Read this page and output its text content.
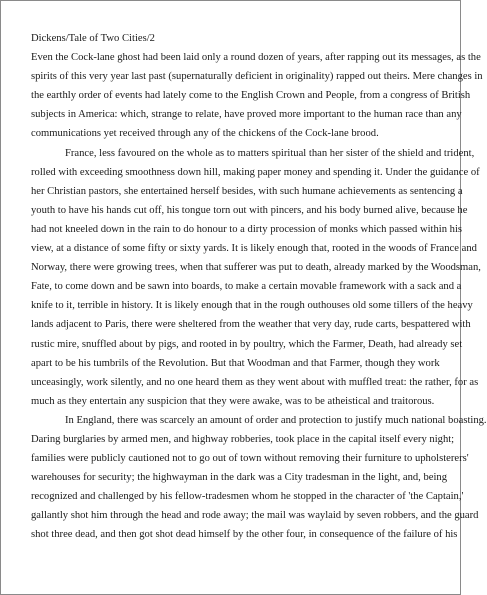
Dickens/Tale of Two Cities/2
Even the Cock-lane ghost had been laid only a round dozen of years, after rapping out its messages, as the
spirits of this very year last past (supernaturally deficient in originality) rapped out theirs. Mere changes in
the earthly order of events had lately come to the English Crown and People, from a congress of British
subjects in America: which, strange to relate, have proved more important to the human race than any
communications yet received through any of the chickens of the Cock-lane brood.
France, less favoured on the whole as to matters spiritual than her sister of the shield and trident,
rolled with exceeding smoothness down hill, making paper money and spending it. Under the guidance of
her Christian pastors, she entertained herself besides, with such humane achievements as sentencing a
youth to have his hands cut off, his tongue torn out with pincers, and his body burned alive, because he
had not kneeled down in the rain to do honour to a dirty procession of monks which passed within his
view, at a distance of some fifty or sixty yards. It is likely enough that, rooted in the woods of France and
Norway, there were growing trees, when that sufferer was put to death, already marked by the Woodsman,
Fate, to come down and be sawn into boards, to make a certain movable framework with a sack and a
knife to it, terrible in history. It is likely enough that in the rough outhouses old some tillers of the heavy
lands adjacent to Paris, there were sheltered from the weather that very day, rude carts, bespattered with
rustic mire, snuffled about by pigs, and rooted in by poultry, which the Farmer, Death, had already set
apart to be his tumbrils of the Revolution. But that Woodman and that Farmer, though they work
unceasingly, work silently, and no one heard them as they went about with muffled treat: the rather, for as
much as they entertain any suspicion that they were awake, was to be atheistical and traitorous.
In England, there was scarcely an amount of order and protection to justify much national boasting.
Daring burglaries by armed men, and highway robberies, took place in the capital itself every night;
families were publicly cautioned not to go out of town without removing their furniture to upholsterers'
warehouses for security; the highwayman in the dark was a City tradesman in the light, and, being
recognized and challenged by his fellow-tradesmen whom he stopped in the character of 'the Captain,'
gallantly shot him through the head and rode away; the mail was waylaid by seven robbers, and the guard
shot three dead, and then got shot dead himself by the other four, in consequence of the failure of his
